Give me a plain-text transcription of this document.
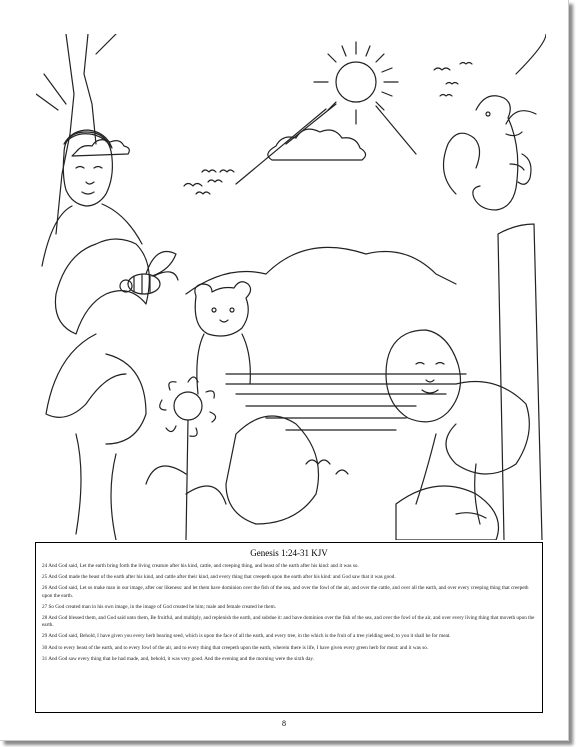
Genesis 1:24-31 KJV
24 And God said, Let the earth bring forth the living creature after his kind, cattle, and creeping thing, and beast of the earth after his kind: and it was so.
25 And God made the beast of the earth after his kind, and cattle after their kind, and every thing that creepeth upon the earth after his kind: and God saw that it was good.
26 And God said, Let us make man in our image, after our likeness: and let them have dominion over the fish of the sea, and over the fowl of the air, and over the cattle, and over all the earth, and over every creeping thing that creepeth upon the earth.
27 So God created man in his own image, in the image of God created he him; male and female created he them.
28 And God blessed them, and God said unto them, Be fruitful, and multiply, and replenish the earth, and subdue it: and have dominion over the fish of the sea, and over the fowl of the air, and over every living thing that moveth upon the earth.
29 And God said, Behold, I have given you every herb bearing seed, which is upon the face of all the earth, and every tree, in the which is the fruit of a tree yielding seed; to you it shall be for meat.
30 And to every beast of the earth, and to every fowl of the air, and to every thing that creepeth upon the earth, wherein there is life, I have given every green herb for meat: and it was so.
31 And God saw every thing that he had made, and, behold, it was very good. And the evening and the morning were the sixth day.
8
